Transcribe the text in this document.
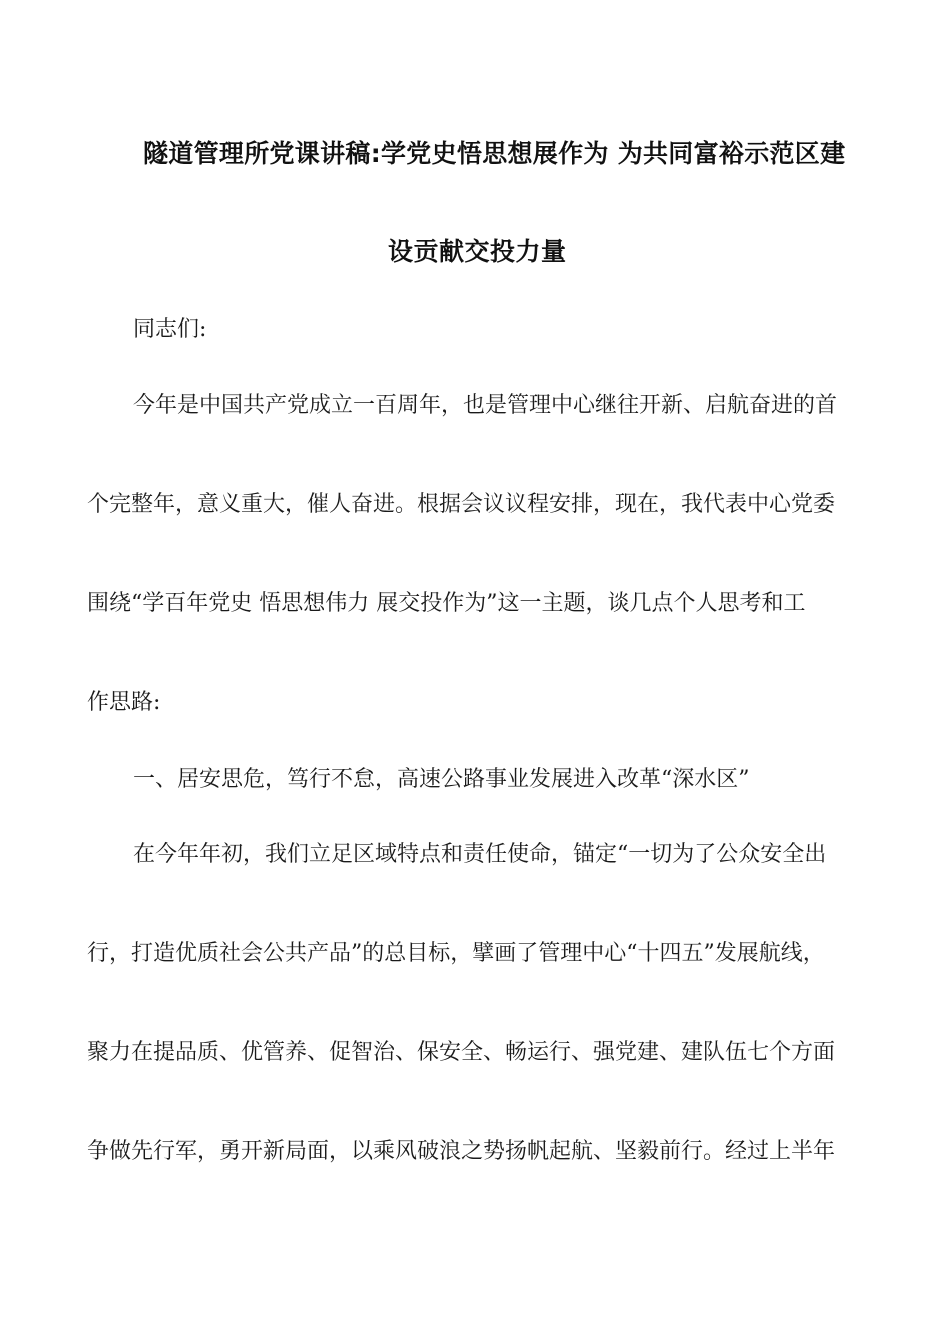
隧道管理所党课讲稿:学党史悟思想展作为 为共同富裕示范区建
设贡献交投力量
同志们:
今年是中国共产党成立一百周年，也是管理中心继往开新、启航奋进的首
个完整年，意义重大，催人奋进。根据会议议程安排，现在，我代表中心党委
围绕“学百年党史 悟思想伟力 展交投作为”这一主题，谈几点个人思考和工
作思路:
一、居安思危，笃行不怠，高速公路事业发展进入改革“深水区”
在今年年初，我们立足区域特点和责任使命，锚定“一切为了公众安全出
行，打造优质社会公共产品”的总目标，擘画了管理中心“十四五”发展航线，
聚力在提品质、优管养、促智治、保安全、畅运行、强党建、建队伍七个方面
争做先行军，勇开新局面，以乘风破浪之势扬帆起航、坚毅前行。经过上半年
